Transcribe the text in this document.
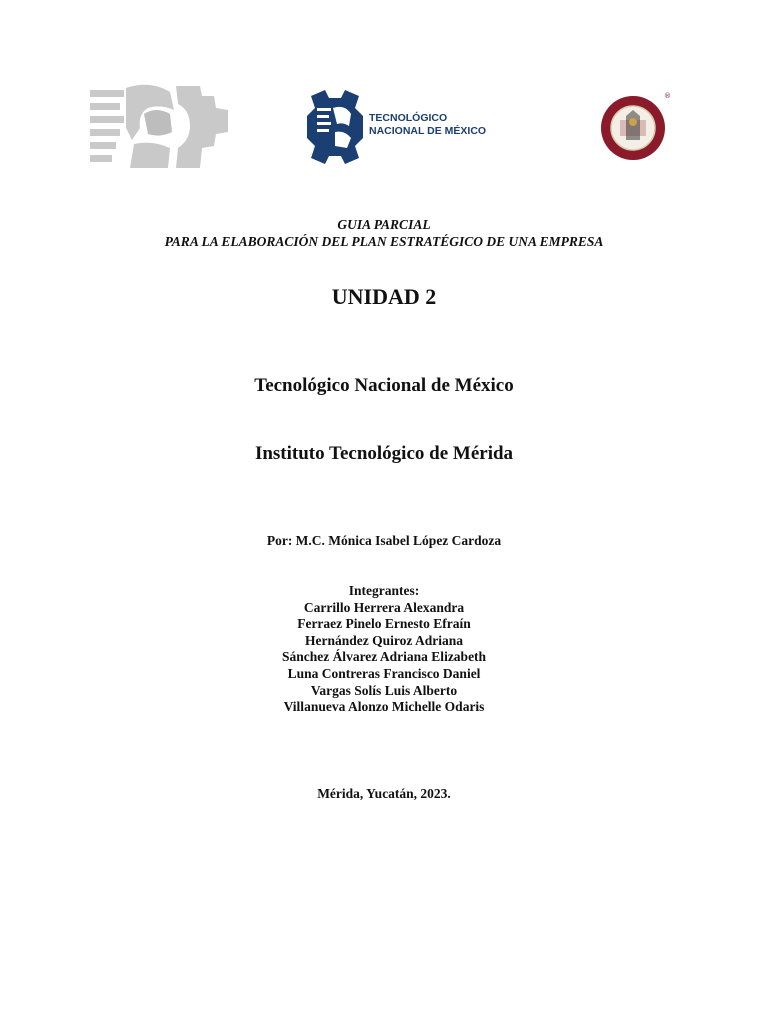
TECNOLÓGICO
NACIONAL DE MÉXICO
®
GUIA PARCIAL
PARA LA ELABORACIÓN DEL PLAN ESTRATÉGICO DE UNA EMPRESA
UNIDAD 2
Tecnológico Nacional de México
Instituto Tecnológico de Mérida
Por: M.C. Mónica Isabel López Cardoza
Integrantes:
Carrillo Herrera Alexandra
Ferraez Pinelo Ernesto Efraín
Hernández Quiroz Adriana
Sánchez Álvarez Adriana Elizabeth
Luna Contreras Francisco Daniel
Vargas Solís Luis Alberto
Villanueva Alonzo Michelle Odaris
Mérida, Yucatán, 2023.
